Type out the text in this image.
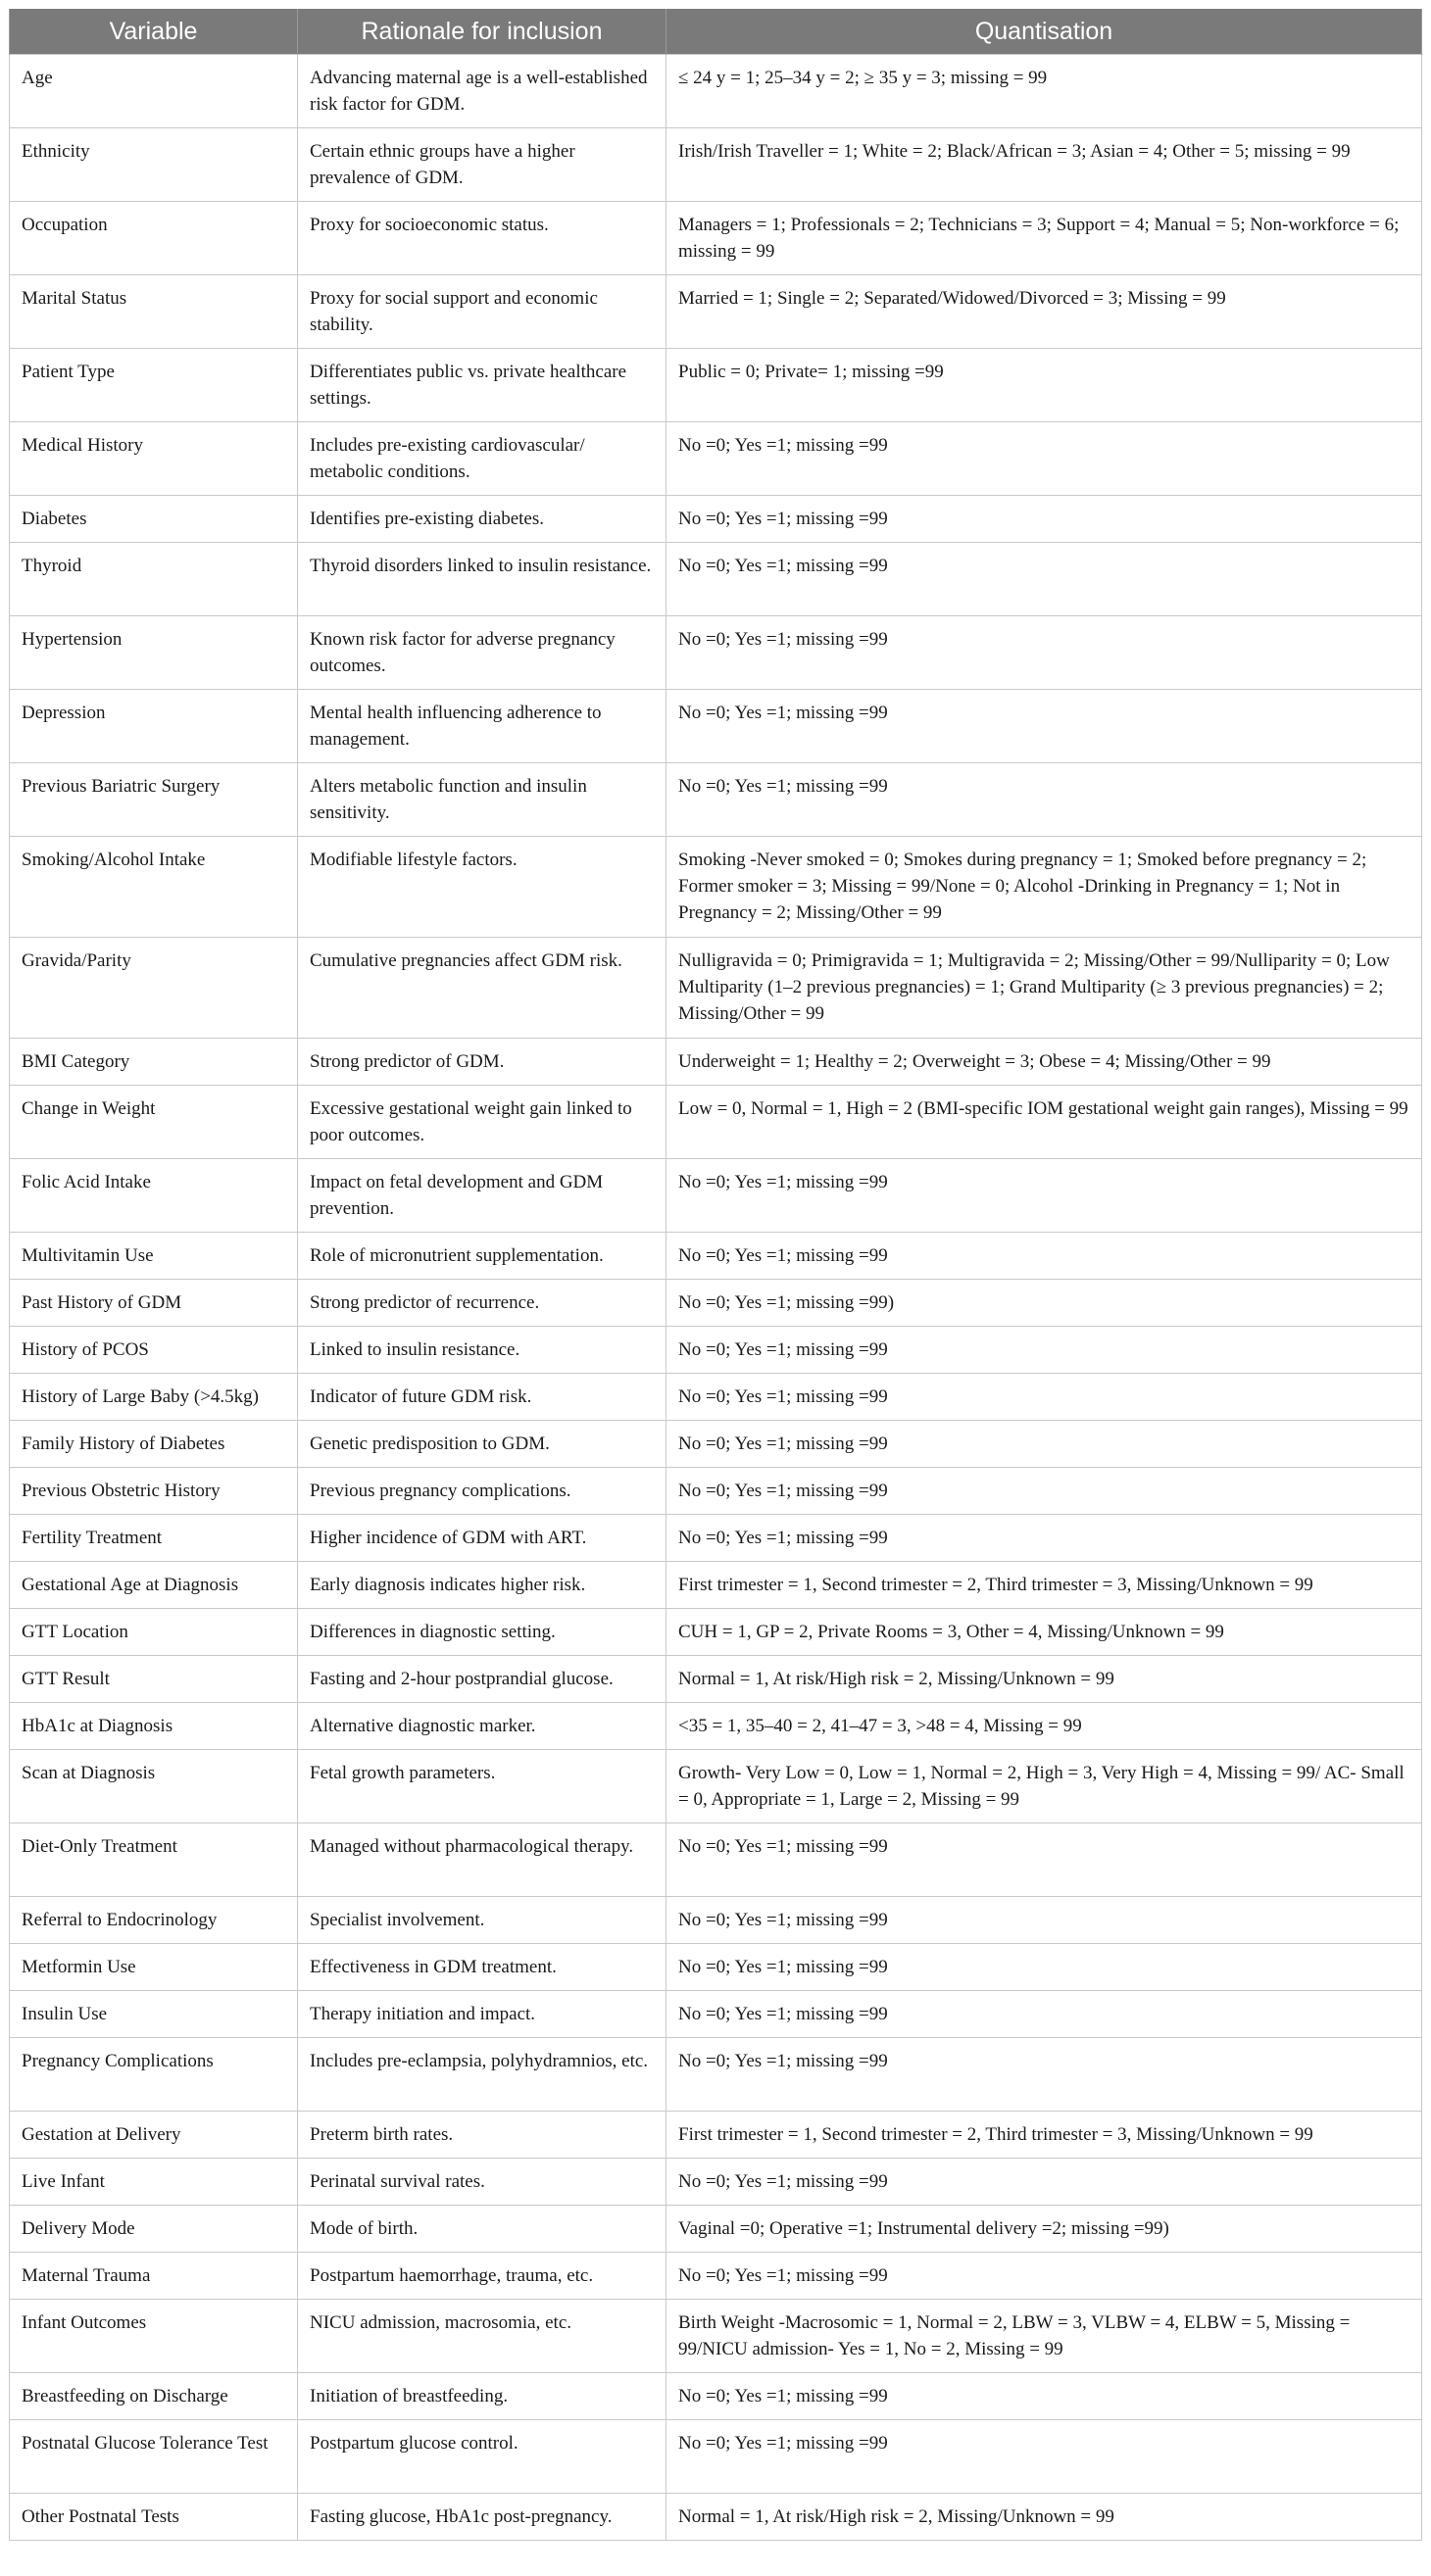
Variable	Rationale for inclusion	Quantisation
Age	Advancing maternal age is a well-established risk factor for GDM.	≤ 24 y = 1; 25–34 y = 2; ≥ 35 y = 3; missing = 99
Ethnicity	Certain ethnic groups have a higher prevalence of GDM.	Irish/Irish Traveller = 1; White = 2; Black/African = 3; Asian = 4; Other = 5; missing = 99
Occupation	Proxy for socioeconomic status.	Managers = 1; Professionals = 2; Technicians = 3; Support = 4; Manual = 5; Non-workforce = 6; missing = 99
Marital Status	Proxy for social support and economic stability.	Married = 1; Single = 2; Separated/Widowed/Divorced = 3; Missing = 99
Patient Type	Differentiates public vs. private healthcare settings.	Public = 0; Private= 1; missing =99
Medical History	Includes pre-existing cardiovascular/ metabolic conditions.	No =0; Yes =1; missing =99
Diabetes	Identifies pre-existing diabetes.	No =0; Yes =1; missing =99
Thyroid	Thyroid disorders linked to insulin resistance.	No =0; Yes =1; missing =99
Hypertension	Known risk factor for adverse pregnancy outcomes.	No =0; Yes =1; missing =99
Depression	Mental health influencing adherence to management.	No =0; Yes =1; missing =99
Previous Bariatric Surgery	Alters metabolic function and insulin sensitivity.	No =0; Yes =1; missing =99
Smoking/Alcohol Intake	Modifiable lifestyle factors.	Smoking -Never smoked = 0; Smokes during pregnancy = 1; Smoked before pregnancy = 2; Former smoker = 3; Missing = 99/None = 0; Alcohol -Drinking in Pregnancy = 1; Not in Pregnancy = 2; Missing/Other = 99
Gravida/Parity	Cumulative pregnancies affect GDM risk.	Nulligravida = 0; Primigravida = 1; Multigravida = 2; Missing/Other = 99/Nulliparity = 0; Low Multiparity (1–2 previous pregnancies) = 1; Grand Multiparity (≥ 3 previous pregnancies) = 2; Missing/Other = 99
BMI Category	Strong predictor of GDM.	Underweight = 1; Healthy = 2; Overweight = 3; Obese = 4; Missing/Other = 99
Change in Weight	Excessive gestational weight gain linked to poor outcomes.	Low = 0, Normal = 1, High = 2 (BMI-specific IOM gestational weight gain ranges), Missing = 99
Folic Acid Intake	Impact on fetal development and GDM prevention.	No =0; Yes =1; missing =99
Multivitamin Use	Role of micronutrient supplementation.	No =0; Yes =1; missing =99
Past History of GDM	Strong predictor of recurrence.	No =0; Yes =1; missing =99)
History of PCOS	Linked to insulin resistance.	No =0; Yes =1; missing =99
History of Large Baby (>4.5kg)	Indicator of future GDM risk.	No =0; Yes =1; missing =99
Family History of Diabetes	Genetic predisposition to GDM.	No =0; Yes =1; missing =99
Previous Obstetric History	Previous pregnancy complications.	No =0; Yes =1; missing =99
Fertility Treatment	Higher incidence of GDM with ART.	No =0; Yes =1; missing =99
Gestational Age at Diagnosis	Early diagnosis indicates higher risk.	First trimester = 1, Second trimester = 2, Third trimester = 3, Missing/Unknown = 99
GTT Location	Differences in diagnostic setting.	CUH = 1, GP = 2, Private Rooms = 3, Other = 4, Missing/Unknown = 99
GTT Result	Fasting and 2-hour postprandial glucose.	Normal = 1, At risk/High risk = 2, Missing/Unknown = 99
HbA1c at Diagnosis	Alternative diagnostic marker.	<35 = 1, 35–40 = 2, 41–47 = 3, >48 = 4, Missing = 99
Scan at Diagnosis	Fetal growth parameters.	Growth- Very Low = 0, Low = 1, Normal = 2, High = 3, Very High = 4, Missing = 99/ AC- Small = 0, Appropriate = 1, Large = 2, Missing = 99
Diet-Only Treatment	Managed without pharmacological therapy.	No =0; Yes =1; missing =99
Referral to Endocrinology	Specialist involvement.	No =0; Yes =1; missing =99
Metformin Use	Effectiveness in GDM treatment.	No =0; Yes =1; missing =99
Insulin Use	Therapy initiation and impact.	No =0; Yes =1; missing =99
Pregnancy Complications	Includes pre-eclampsia, polyhydramnios, etc.	No =0; Yes =1; missing =99
Gestation at Delivery	Preterm birth rates.	First trimester = 1, Second trimester = 2, Third trimester = 3, Missing/Unknown = 99
Live Infant	Perinatal survival rates.	No =0; Yes =1; missing =99
Delivery Mode	Mode of birth.	Vaginal =0; Operative =1; Instrumental delivery =2; missing =99)
Maternal Trauma	Postpartum haemorrhage, trauma, etc.	No =0; Yes =1; missing =99
Infant Outcomes	NICU admission, macrosomia, etc.	Birth Weight -Macrosomic = 1, Normal = 2, LBW = 3, VLBW = 4, ELBW = 5, Missing = 99/NICU admission- Yes = 1, No = 2, Missing = 99
Breastfeeding on Discharge	Initiation of breastfeeding.	No =0; Yes =1; missing =99
Postnatal Glucose Tolerance Test	Postpartum glucose control.	No =0; Yes =1; missing =99
Other Postnatal Tests	Fasting glucose, HbA1c post-pregnancy.	Normal = 1, At risk/High risk = 2, Missing/Unknown = 99
